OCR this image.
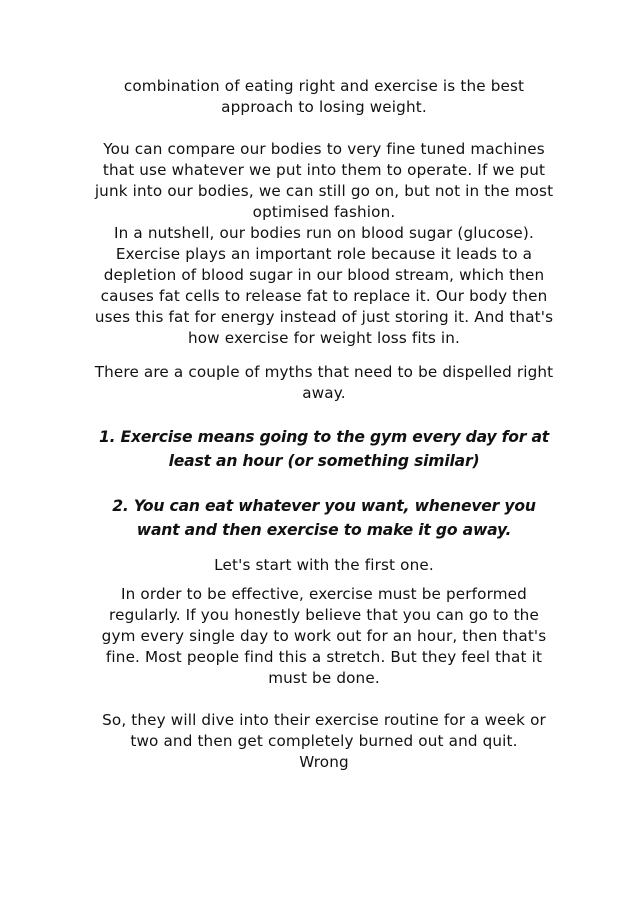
combination of eating right and exercise is the best approach to losing weight.

You can compare our bodies to very fine tuned machines that use whatever we put into them to operate. If we put junk into our bodies, we can still go on, but not in the most optimised fashion.

In a nutshell, our bodies run on blood sugar (glucose). Exercise plays an important role because it leads to a depletion of blood sugar in our blood stream, which then causes fat cells to release fat to replace it. Our body then uses this fat for energy instead of just storing it. And that's how exercise for weight loss fits in.

There are a couple of myths that need to be dispelled right away.

1. Exercise means going to the gym every day for at least an hour (or something similar)

2. You can eat whatever you want, whenever you want and then exercise to make it go away.

Let's start with the first one.

In order to be effective, exercise must be performed regularly. If you honestly believe that you can go to the gym every single day to work out for an hour, then that's fine. Most people find this a stretch. But they feel that it must be done.

So, they will dive into their exercise routine for a week or two and then get completely burned out and quit.

Wrong
